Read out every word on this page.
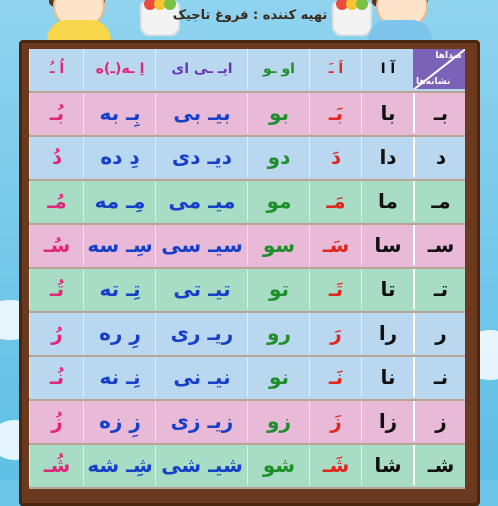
تهیه کننده : فروغ تاجیک
صداها
نشانه‌ها
آ ا
اَ ـَ
او ـو
ایـ ـی ای
اِ ـه(ـ)ه
اُ ـُ
بـ
با
بَـ
بو
بیـ بی
بِـ به
بُـ
د
دا
دَ
دو
دیـ دی
دِ ده
دُ
مـ
ما
مَـ
مو
میـ می
مِـ مه
مُـ
سـ
سا
سَـ
سو
سیـ سی
سِـ سه
سُـ
تـ
تا
تَـ
تو
تیـ تی
تِـ ته
تُـ
ر
را
رَ
رو
ریـ ری
رِ ره
رُ
نـ
نا
نَـ
نو
نیـ نی
نِـ نه
نُـ
ز
زا
زَ
زو
زیـ زی
زِ زه
زُ
شـ
شا
شَـ
شو
شیـ شی
شِـ شه
شُـ
